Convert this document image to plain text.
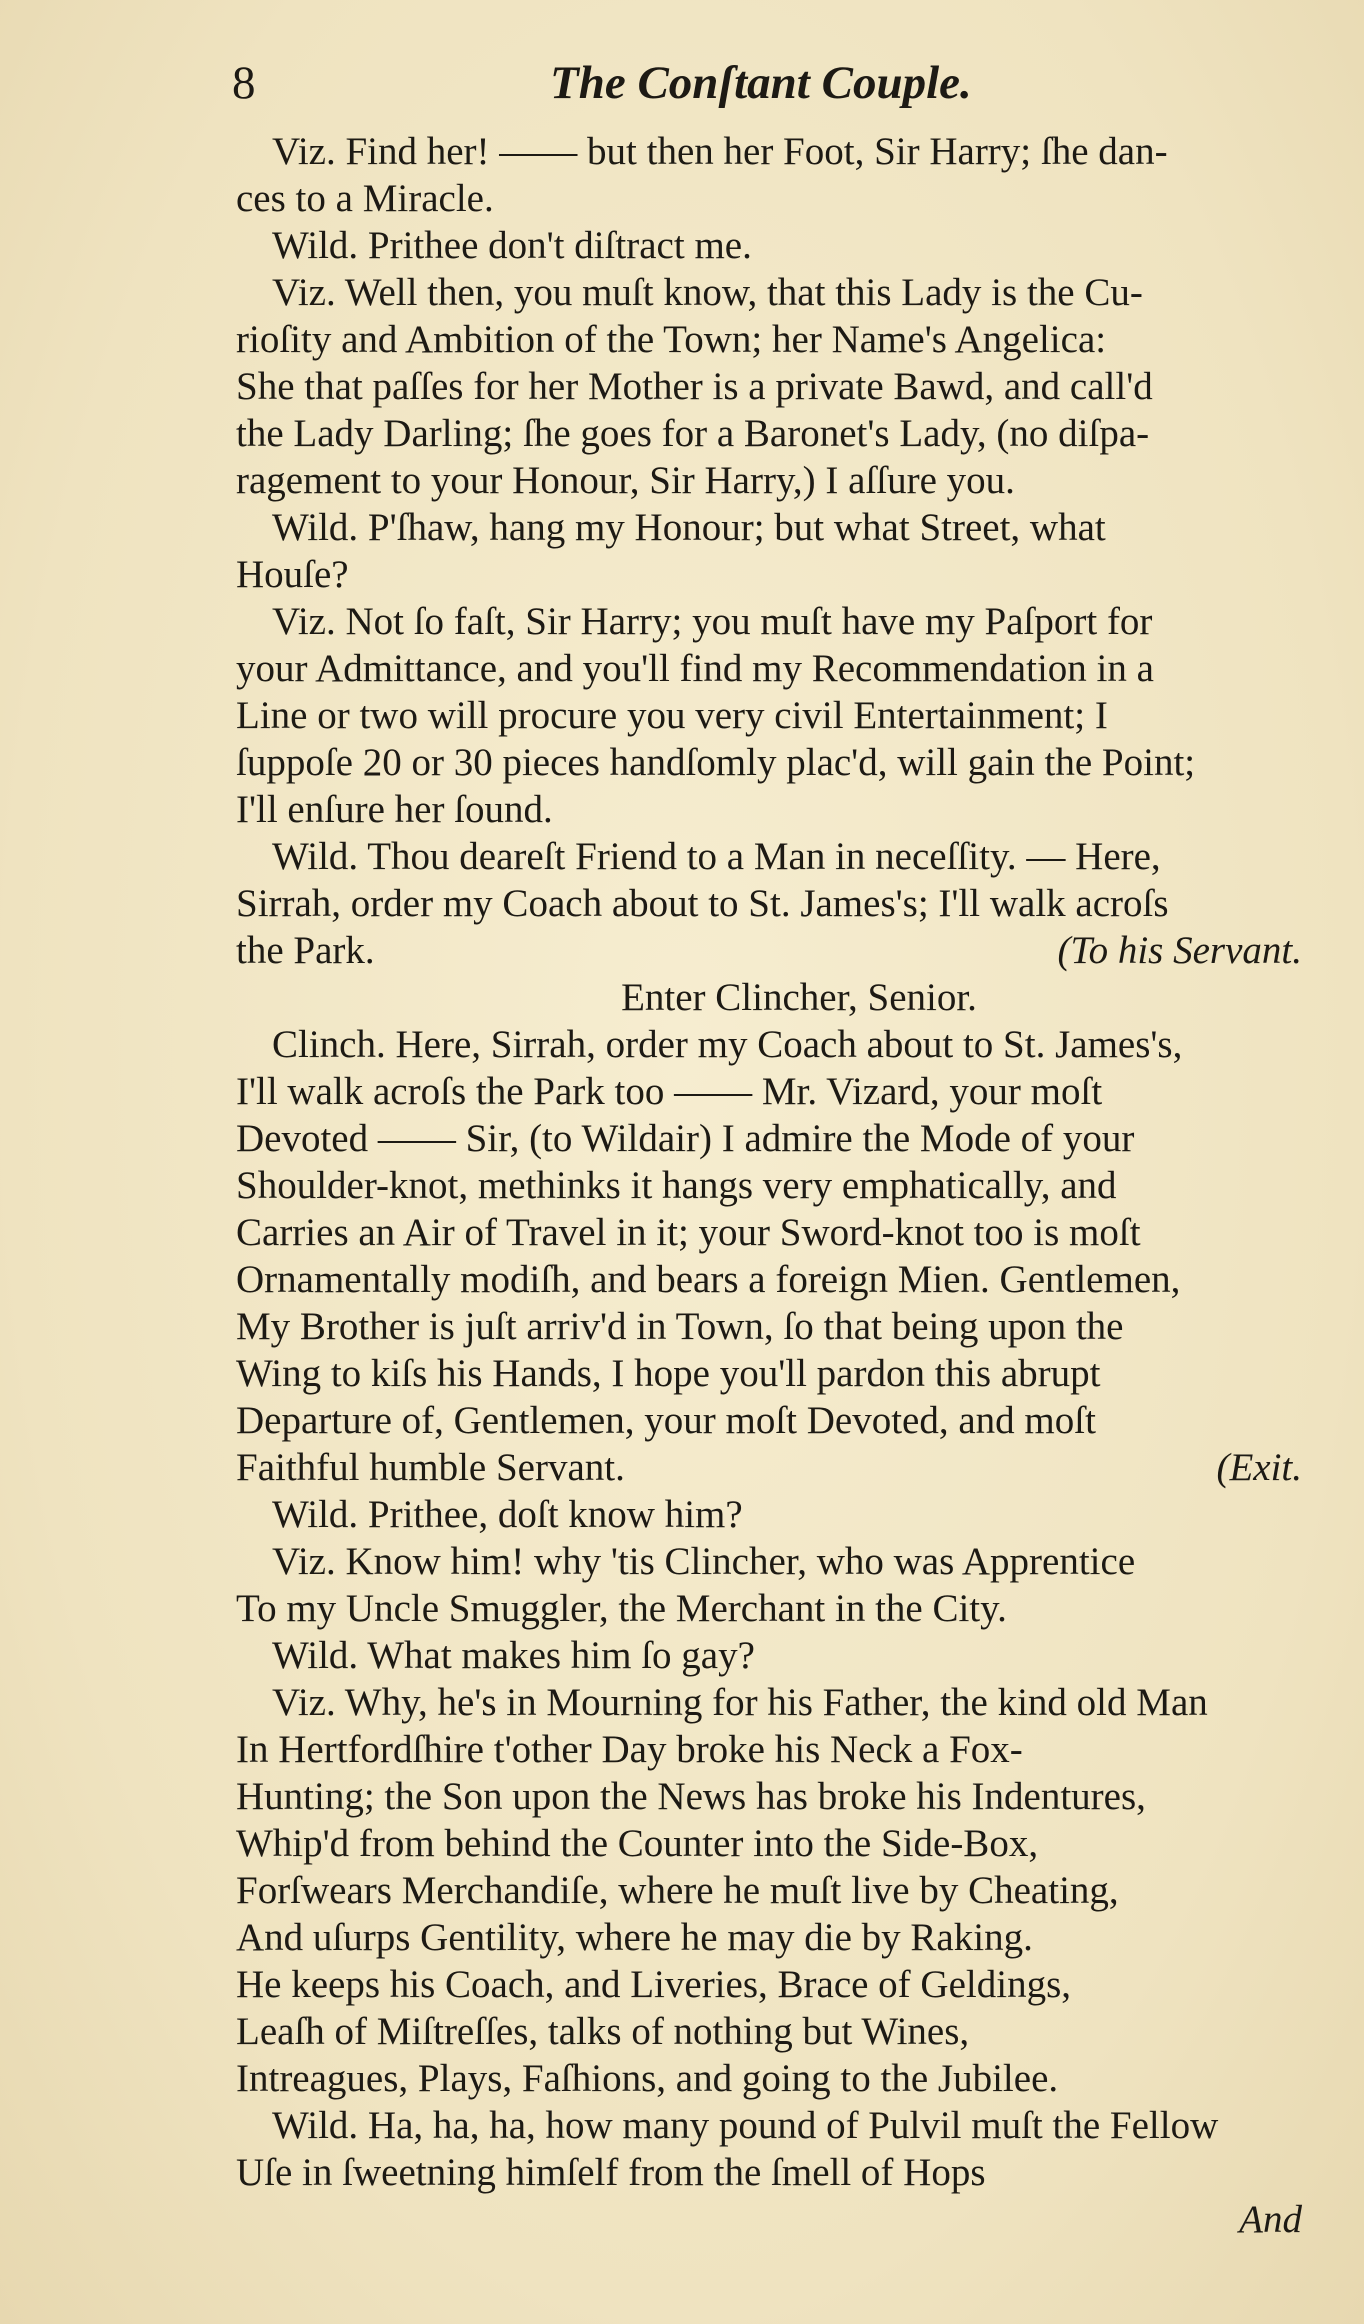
8	The Conſtant Couple.
Viz. Find her! —— but then her Foot, Sir Harry; ſhe dan-
ces to a Miracle.
Wild. Prithee don't diſtract me.
Viz. Well then, you muſt know, that this Lady is the Cu-
rioſity and Ambition of the Town; her Name's Angelica:
She that paſſes for her Mother is a private Bawd, and call'd
the Lady Darling; ſhe goes for a Baronet's Lady, (no diſpa-
ragement to your Honour, Sir Harry,) I aſſure you.
Wild. P'ſhaw, hang my Honour; but what Street, what
Houſe?
Viz. Not ſo faſt, Sir Harry; you muſt have my Paſport for
your Admittance, and you'll find my Recommendation in a
Line or two will procure you very civil Entertainment; I
ſuppoſe 20 or 30 pieces handſomly plac'd, will gain the Point;
I'll enſure her ſound.
Wild. Thou deareſt Friend to a Man in neceſſity. — Here,
Sirrah, order my Coach about to St. James's; I'll walk acroſs
the Park.	(To his Servant.
Enter Clincher, Senior.
Clinch. Here, Sirrah, order my Coach about to St. James's,
I'll walk acroſs the Park too —— Mr. Vizard, your moſt
Devoted —— Sir, (to Wildair) I admire the Mode of your
Shoulder-knot, methinks it hangs very emphatically, and
Carries an Air of Travel in it; your Sword-knot too is moſt
Ornamentally modiſh, and bears a foreign Mien. Gentlemen,
My Brother is juſt arriv'd in Town, ſo that being upon the
Wing to kiſs his Hands, I hope you'll pardon this abrupt
Departure of, Gentlemen, your moſt Devoted, and moſt
Faithful humble Servant.	(Exit.
Wild. Prithee, doſt know him?
Viz. Know him! why 'tis Clincher, who was Apprentice
To my Uncle Smuggler, the Merchant in the City.
Wild. What makes him ſo gay?
Viz. Why, he's in Mourning for his Father, the kind old Man
In Hertfordſhire t'other Day broke his Neck a Fox-
Hunting; the Son upon the News has broke his Indentures,
Whip'd from behind the Counter into the Side-Box,
Forſwears Merchandiſe, where he muſt live by Cheating,
And uſurps Gentility, where he may die by Raking.
He keeps his Coach, and Liveries, Brace of Geldings,
Leaſh of Miſtreſſes, talks of nothing but Wines,
Intreagues, Plays, Faſhions, and going to the Jubilee.
Wild. Ha, ha, ha, how many pound of Pulvil muſt the Fellow
Uſe in ſweetning himſelf from the ſmell of Hops
And
